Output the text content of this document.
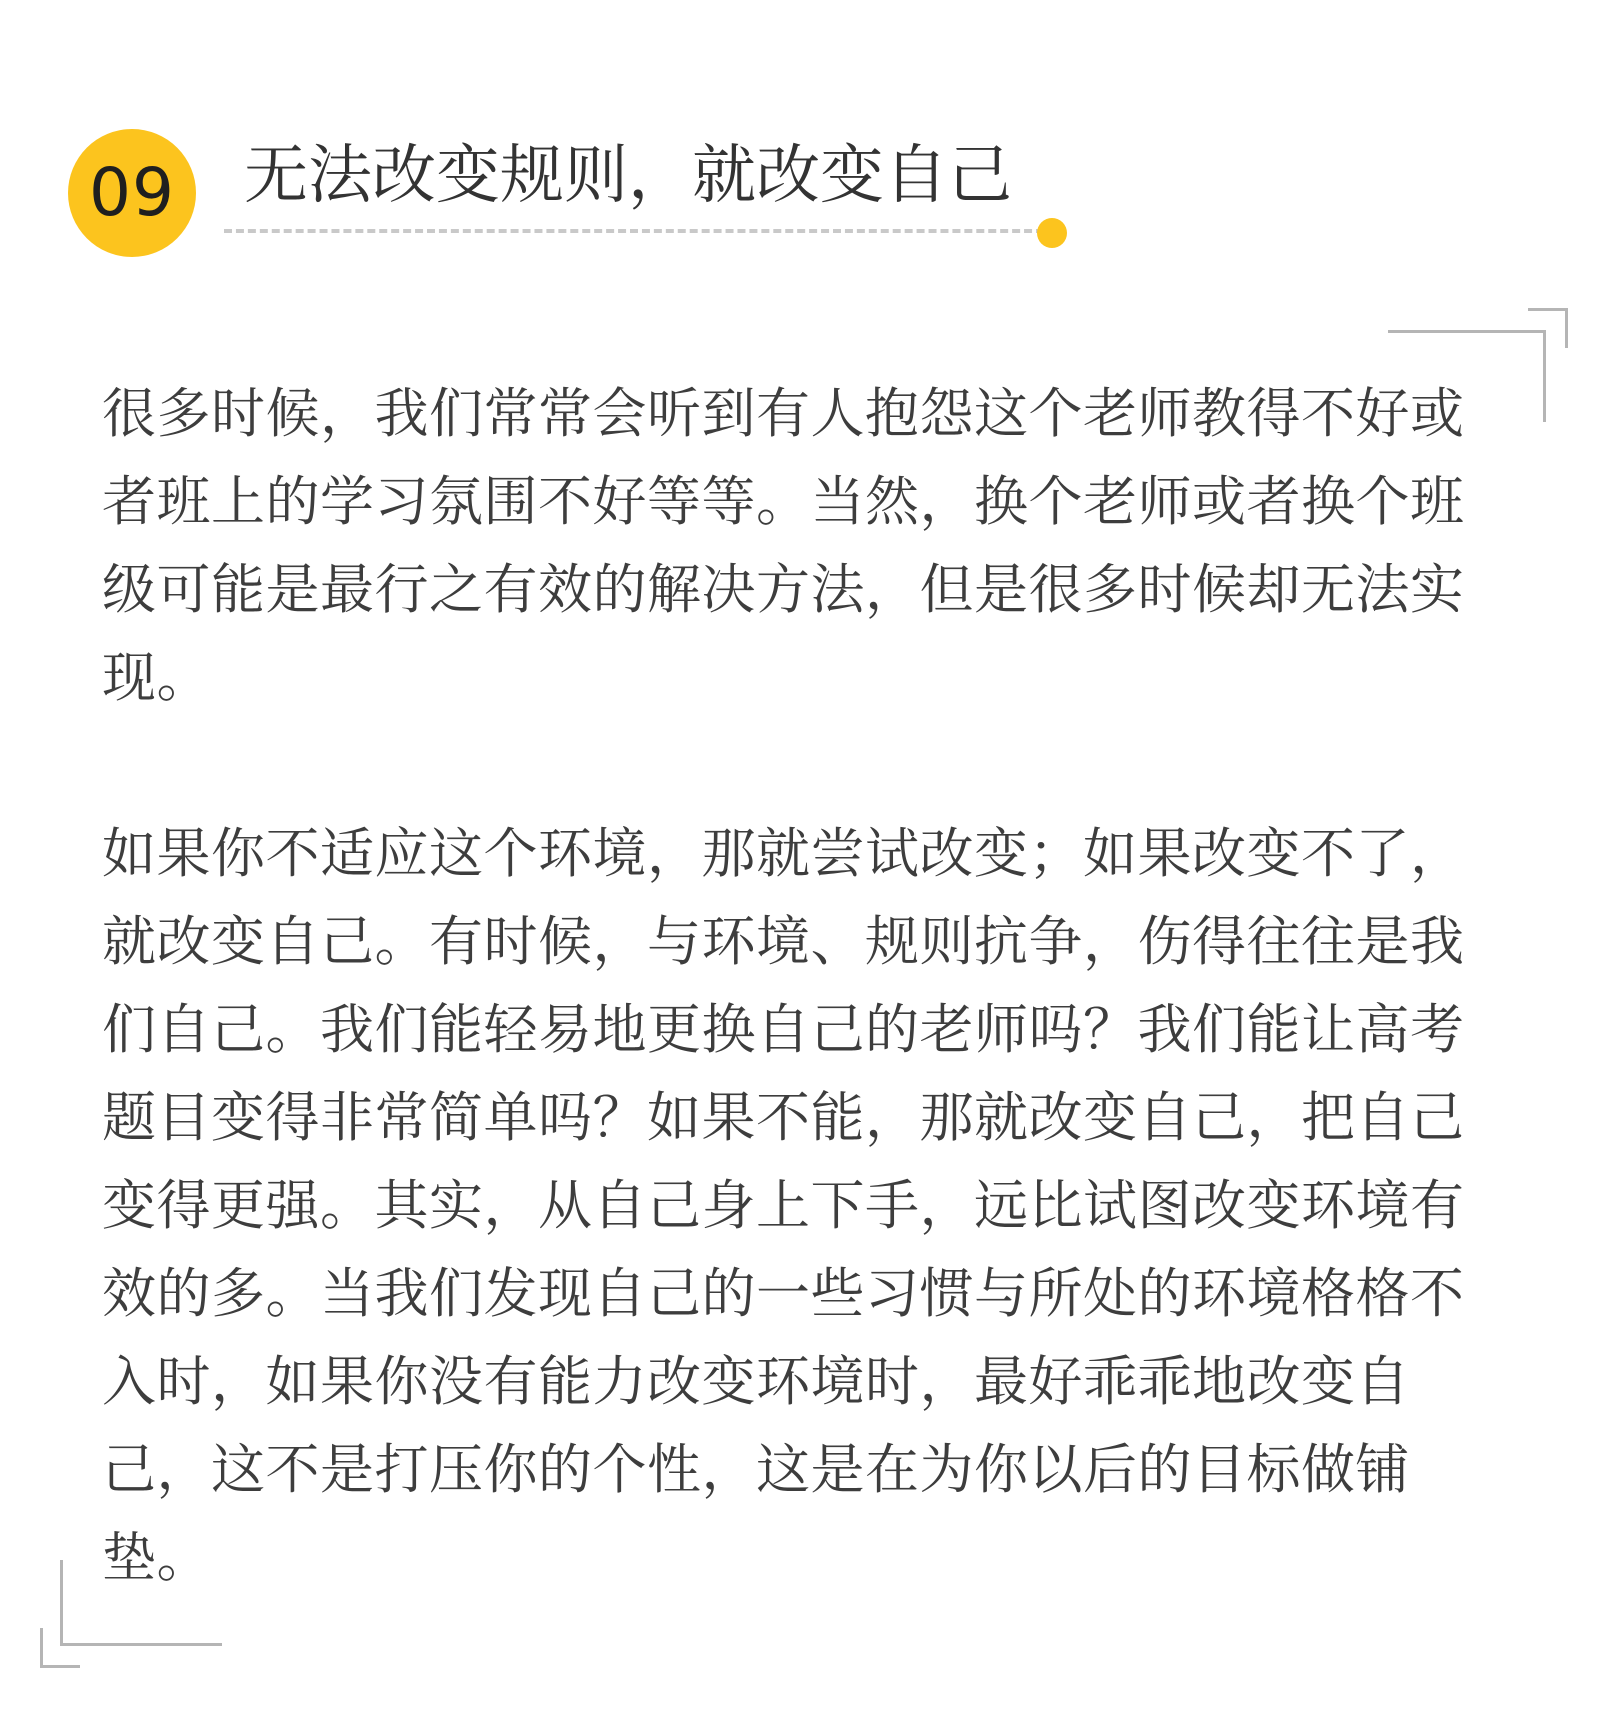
09 无法改变规则，就改变自己

很多时候，我们常常会听到有人抱怨这个老师教得不好或者班上的学习氛围不好等等。当然，换个老师或者换个班级可能是最行之有效的解决方法，但是很多时候却无法实现。

如果你不适应这个环境，那就尝试改变；如果改变不了，就改变自己。有时候，与环境、规则抗争，伤得往往是我们自己。我们能轻易地更换自己的老师吗？我们能让高考题目变得非常简单吗？如果不能，那就改变自己，把自己变得更强。其实，从自己身上下手，远比试图改变环境有效的多。当我们发现自己的一些习惯与所处的环境格格不入时，如果你没有能力改变环境时，最好乖乖地改变自己，这不是打压你的个性，这是在为你以后的目标做铺垫。
